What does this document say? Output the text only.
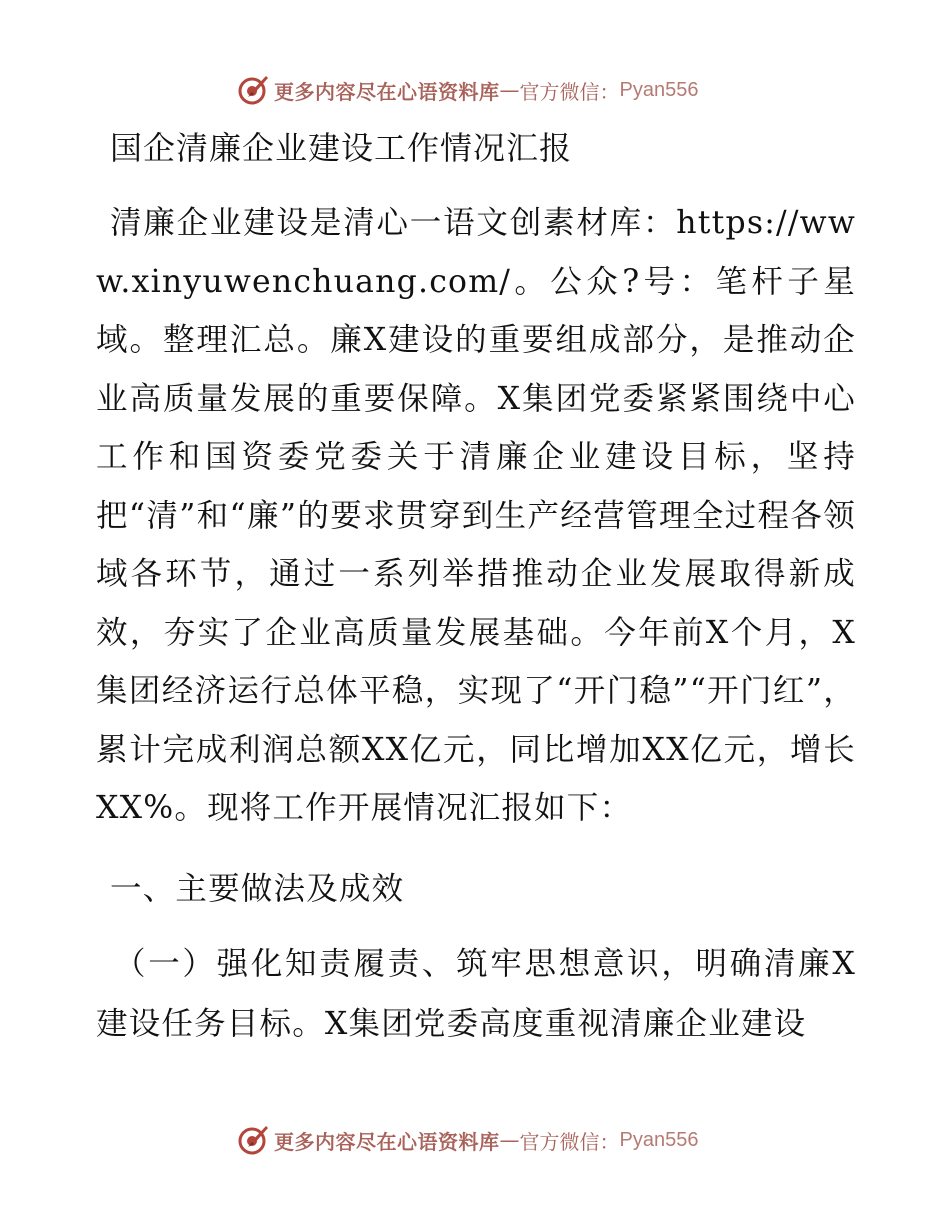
更多内容尽在心语资料库 — 官方微信： Pyan556
国企清廉企业建设工作情况汇报

清廉企业建设是清心一语文创素材库：https://www.xinyuwenchuang.com/。公众?号：笔杆子星域。整理汇总。廉X建设的重要组成部分，是推动企业高质量发展的重要保障。X集团党委紧紧围绕中心工作和国资委党委关于清廉企业建设目标，坚持把“清”和“廉”的要求贯穿到生产经营管理全过程各领域各环节，通过一系列举措推动企业发展取得新成效，夯实了企业高质量发展基础。今年前X个月，X集团经济运行总体平稳，实现了“开门稳”“开门红”，累计完成利润总额XX亿元，同比增加XX亿元，增长XX%。现将工作开展情况汇报如下：

一、主要做法及成效

（一）强化知责履责、筑牢思想意识，明确清廉X建设任务目标。X集团党委高度重视清廉企业建设

更多内容尽在心语资料库 — 官方微信： Pyan556
